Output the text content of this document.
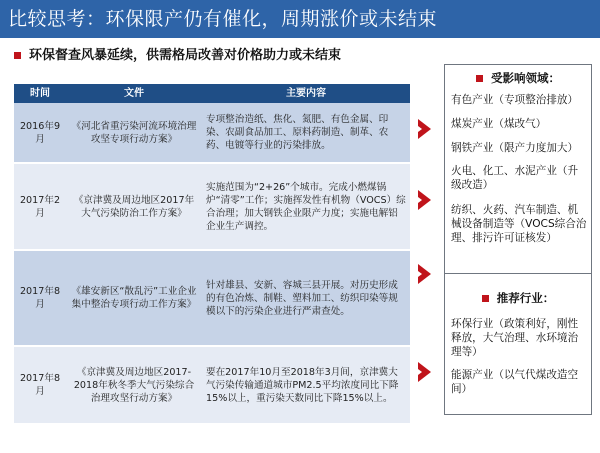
比较思考：环保限产仍有催化，周期涨价或未结束
环保督查风暴延续，供需格局改善对价格助力或未结束
时间	文件	主要内容
2016年9月	《河北省重污染河流环境治理攻坚专项行动方案》	专项整治造纸、焦化、氮肥、有色金属、印染、农副食品加工、原料药制造、制革、农药、电镀等行业的污染排放。
2017年2月	《京津冀及周边地区2017年大气污染防治工作方案》	实施范围为“2+26”个城市。完成小燃煤锅炉“清零”工作；实施挥发性有机物（VOCS）综合治理；加大钢铁企业限产力度；实施电解铝企业生产调控。
2017年8月	《雄安新区“散乱污”工业企业集中整治专项行动工作方案》	针对雄县、安新、容城三县开展。对历史形成的有色冶炼、制鞋、塑料加工、纺织印染等规模以下的污染企业进行严肃查处。
2017年8月	《京津冀及周边地区2017-2018年秋冬季大气污染综合治理攻坚行动方案》	要在2017年10月至2018年3月间，京津冀大气污染传输通道城市PM2.5平均浓度同比下降15%以上，重污染天数同比下降15%以上。
受影响领域：
有色产业（专项整治排放）
煤炭产业（煤改气）
钢铁产业（限产力度加大）
火电、化工、水泥产业（升级改造）
纺织、火药、汽车制造、机械设备制造等（VOCS综合治理、排污许可证核发）
推荐行业：
环保行业（政策利好，刚性释放，大气治理、水环境治理等）
能源产业（以气代煤改造空间）
